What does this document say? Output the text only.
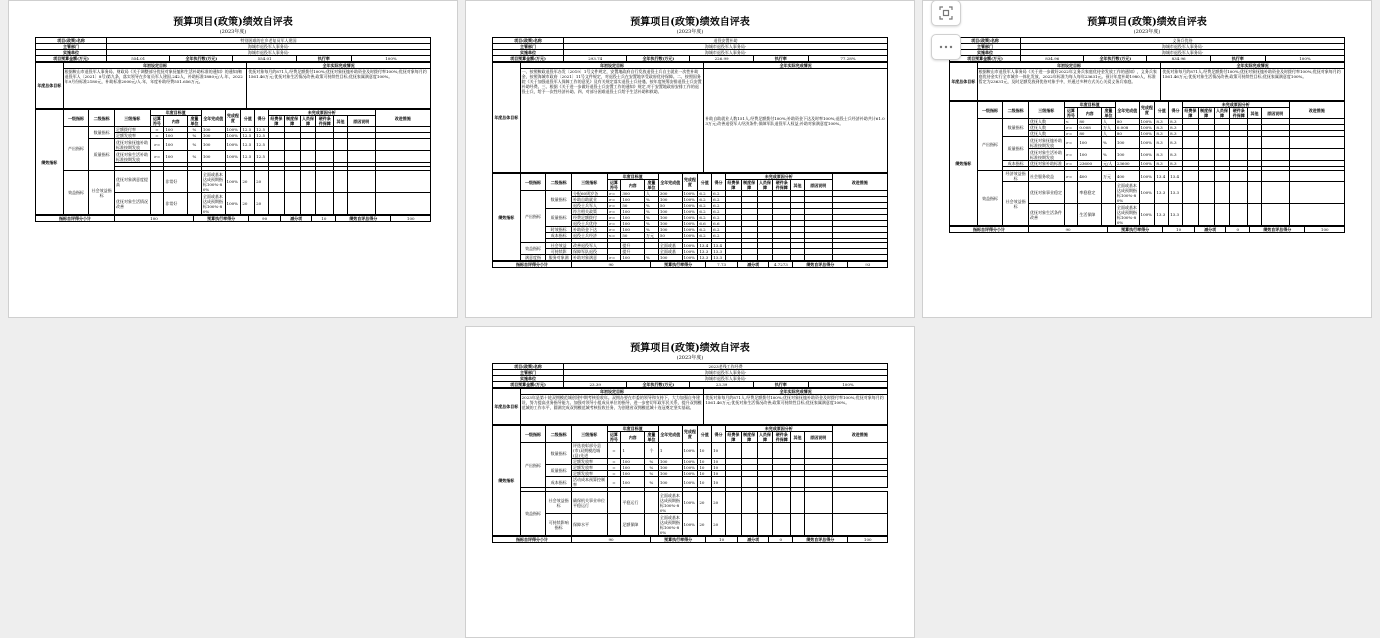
预算项目(政策)绩效自评表
(2023年度)
项目(政策)名称	特别困难的在乡老复员军人建国				
主管部门	海城市退役军人事务局-				
实施单位	海城市退役军人事务局-				
项目预算金额(万元)	554.01	全年执行数(万元)	554.01	执行率	100%
年度总体目标	年初设定目标	全年实际完成情况
	根据鞍山市退役军人事务局、财政局《关于调整部分优抚对象抚恤和生活补助标准的通知》的通知(鞍退役军人〔2021〕8号)第九条，落实领导在乡复员军人建国,242人，补助标准1880元/人.年，2022年9月份标准2180元，补助标准2000元/人.年，年度补助经费551.656万元。	优抚对象每月约871人,经费足额拨付100%;优抚对象抚恤补助资金及时拨付率100%;优抚对象每月约1561.46万元;优抚对象生活情况改善;政策可持续性目标;优抚家属满意度100%。
绩效指标	一级指标	二级指标	三级指标	年度目标值			全年完成值	完成程度	分值	得分	未完成原因分析						改进措施
				运算符号	内容	度量单位					经费保障	制度保障	人员保障	硬件条件保障	其他	原因说明	
	产出指标	数量指标	足额拨付率	=	100	%	100	100%	12.5	12.5							
			足额发放率	=	100	%	100	100%	12.5	12.5							
		质量指标	优抚对象抚恤补助标准按期发放	>=	100	%	100	100%	12.5	12.5							
			优抚对象生活补助标准按期发放	>=	100	%	100	100%	12.5	12.5							

	效益指标	社会效益指标	优抚对象满意度提高		非常好		全面或基本达成预期指标100%-80%	100%	20	20							

			优抚对象生活情况改善		非常好		全面或基本达成预期指标100%-80%	100%	20	20							

指标自评得分小计	100	预算执行率得分	90	减分项	10	绩效自评总得分	100
预算项目(政策)绩效自评表
(2023年度)
项目(政策)名称	退役安置补助				
主管部门	海城市退役军人事务局-				
实施单位	海城市退役军人事务局-				
项目预算金额(万元)	293.74	全年执行数(万元)	226.99	执行率	77.28%
年度总体目标	年初设定目标	全年实际完成情况
	一、按照鞍政退役军办发〔2019〕1号文件规定，安置地政府自行发放退役士兵自主就业一次性补助金，按照海城市政府〔2021〕11号文件规定，对退役士兵在安置地享受政府优待保障。二、按照国务院《关于加强退役军人保障工作的意见》及有关规定落实退役士兵待遇，按年度统筹安排退役士兵安置补助经费。三、根据《关于进一步做好退役士兵安置工作的通知》规定,对于安置地政府安排工作的退役士兵，给予一次性经济补助。四、对部分困难退役士兵给予生活补助和救助。	补助自助就业人数151人,经费足额拨付100%;补助资金下达及时率100%;退役士兵经济补助共计61.03万元;改善退役军人经济条件;保障军队退役军人权益;补助对象满意度100%。
绩效指标	一级指标	二级指标	三级指标	年度目标值			全年完成值	完成程度	分值	得分	未完成原因分析						改进措施
				运算符号	内容	度量单位					经费保障	制度保障	人员保障	硬件条件保障	其他	原因说明	
	产出指标	数量指标	分配60周岁各	>=	300	人	300	100%	6.2	6.2							
			补助自助就业	>=	100	%	100	100%	6.2	6.2							
			退役士兵军人	>=	50	%	50	100%	6.2	6.2							
		质量指标	符合相关政策	>=	100	%	100	100%	6.2	6.2							
			经费足额拨付	>=	100	%	100	100%	6.2	6.2							
			退役士兵优待	>=	100	%	100	100%	6.6	6.6							
		时效指标	补助资金下达	>=	100	%	100	100%	6.2	6.2							
		成本指标	退役士兵经济	<=	50	万元	50	100%	6.2	6.2							

	效益指标	社会效益	改善退役军人		提升		全面或基	100%	13.4	13.4							
		可持续影	保障军队退役		提升		全面或基	100%	13.3	13.3							
	满意度指	服务对象满	补助对象满意	>=	100	%	100	100%	13.3	13.3							
指标自评得分小计	90	预算执行率得分	7.73	减分项	4.7273	绩效自评总得分	93
预算项目(政策)绩效自评表
(2023年度)
项目(政策)名称	义务兵优待				
主管部门	海城市退役军人事务局-				
实施单位	海城市退役军人事务局-				
项目预算金额(万元)	834.96	全年执行数(万元)	834.96	执行率	100%
年度总体目标	年初设定目标	全年实际完成情况
	根据鞍山市退役军人事务局《关于进一步做好2022年义务兵家庭优待金发放工作的通知》，义务兵家庭优待金实行全市城乡一体化发放，2022年标准为每人每年23631元。预计年度补助1980人，标准暂定为23631元，及时足额发放到优待对象手中，并通过多种方式关心关爱义务兵家庭。	优抚对象每月约871人,经费足额拨付100%;优抚对象抚恤补助资金及时拨付率100%;优抚对象每月约1561.46万元;优抚对象生活情况改善;政策可持续性目标;优抚家属满意度100%。
绩效指标	一级指标	二级指标	三级指标	年度目标值			全年完成值	完成程度	分值	得分	未完成原因分析						改进措施
				运算符号	内容	度量单位					经费保障	制度保障	人员保障	硬件条件保障	其他	原因说明	
	产出指标	数量指标	优抚人数	<	80	人	80	100%	8.3	8.3							
			优抚人数	>=	0.008	万人	0.008	100%	8.3	8.3							
			优抚人数	>=	80	人	80	100%	8.3	8.3							
		质量指标	优抚对象抚恤补助标准按期发放	>=	100	%	100	100%	8.3	8.3							
			优抚对象生活补助标准按期发放	>=	100	%	100	100%	8.3	8.3							
		成本指标	优抚对象补助标准	>=	23600	元/人	23600	100%	8.3	8.3							

	效益指标	经济效益指标	社会服务收益	>=	400	万元	400	100%	13.4	13.4							
		社会效益指标	优抚对象事业稳定		率稳稳定		全面或基本达成预期指标100%-80%	100%	13.3	13.3							
			优抚对象生活条件改善		生活保障		全面或基本达成预期指标100%-80%	100%	13.3	13.3							

指标自评得分小计	90	预算执行率得分	10	减分项	0	绩效自评总得分	100
预算项目(政策)绩效自评表
(2023年度)
项目(政策)名称	2023老残工作经费				
主管部门	海城市退役军人事务局-				
实施单位	海城市退役军人事务局-				
项目预算金额(万元)	23.39	全年执行数(万元)	23.39	执行率	100%
年度总体目标	年初设定目标	全年实际完成情况
	2023年是第十轮双拥模范城创建中期考核验收年。双拥办要在市委的领导和支持下，大力加强自身建设，努力提高业务指导能力。加强对领导小组成员单位的指导，进一步密切军政军民关系，提升双拥模范城的工作水平，圆满完成双拥模范城考核验收任务，为创建省双拥模范城十连冠奠定坚实基础。	优抚对象每月约871人,经费足额拨付100%;优抚对象抚恤补助资金及时拨付率100%;优抚对象每月约1561.46万元;优抚对象生活情况改善;政策可持续性目标;优抚家属满意度100%。
绩效指标	一级指标	二级指标	三级指标	年度目标值			全年完成值	完成程度	分值	得分	未完成原因分析						改进措施
				运算符号	内容	度量单位					经费保障	制度保障	人员保障	硬件条件保障	其他	原因说明	
	产出指标	数量指标	评选表彰部分县(市)双拥模范城(县)先进	=	1	个	1	100%	10	10							
			足额发放率	=	100	%	100	100%	10	10							
		质量指标	足额发放率	=	100	%	100	100%	10	10							
			足额发放率	=	100	%	100	100%	10	10							
		成本指标	活动成本预算控制率	=	100	%	100	100%	10	10							

	效益指标	社会效益指标	确保机关事业单位平稳运行		平稳运行		全面或基本达成预期指标100%-80%	100%	20	20							
		可持续影响指标	保障水平		足额保障		全面或基本达成预期指标100%-80%	100%	20	20							

指标自评得分小计	90	预算执行率得分	10	减分项	0	绩效自评总得分	100
